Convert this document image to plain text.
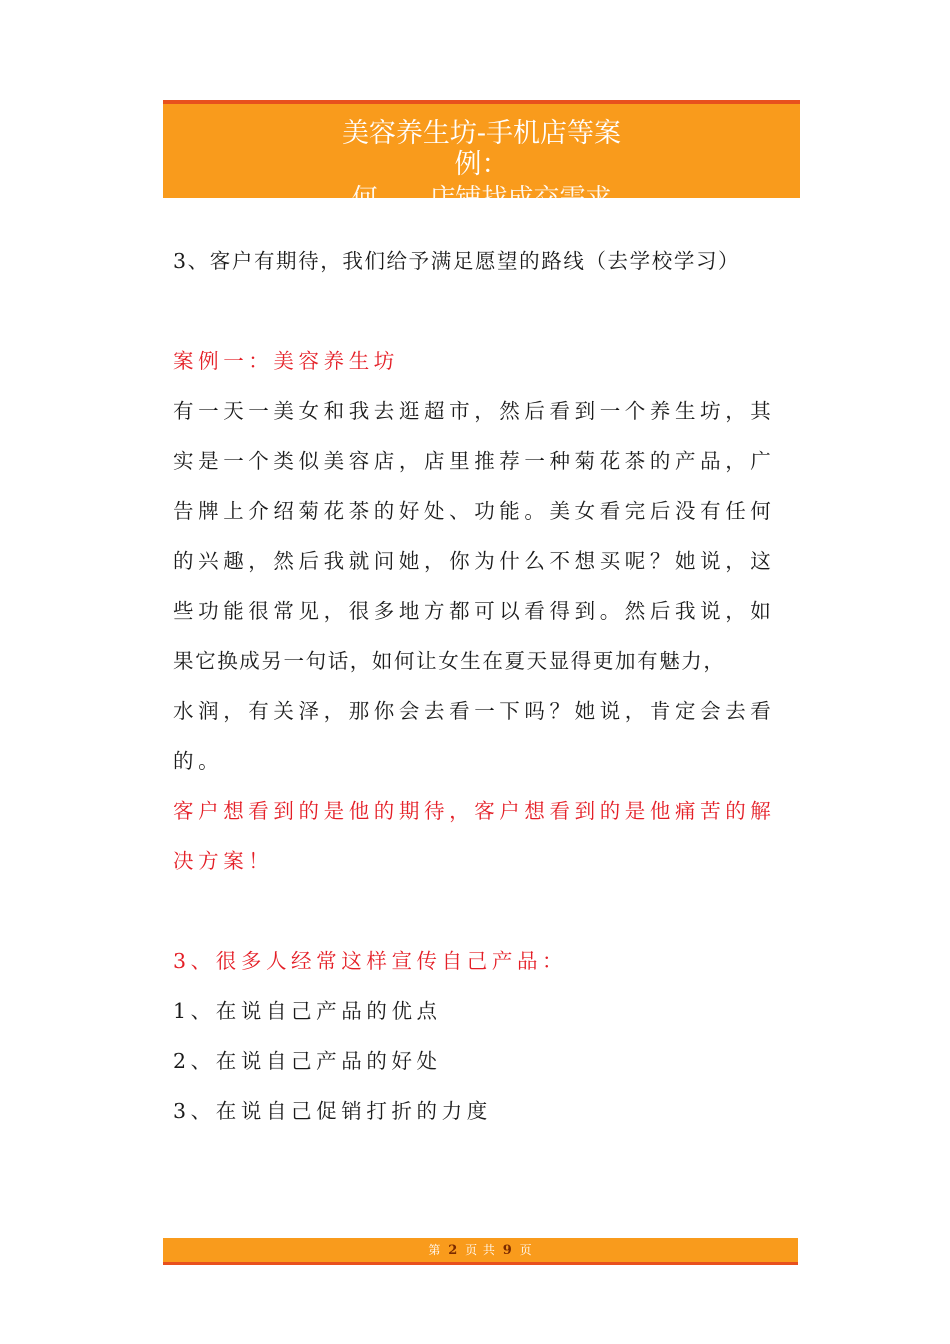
美容养生坊-手机店等案例：
何……店铺找成交需求

3、客户有期待，我们给予满足愿望的路线（去学校学习）

案例一：美容养生坊

有一天一美女和我去逛超市，然后看到一个养生坊，其

实是一个类似美容店，店里推荐一种菊花茶的产品，广

告牌上介绍菊花茶的好处、功能。美女看完后没有任何

的兴趣，然后我就问她，你为什么不想买呢？她说，这

些功能很常见，很多地方都可以看得到。然后我说，如

果它换成另一句话，如何让女生在夏天显得更加有魅力，

水润，有关泽，那你会去看一下吗？她说，肯定会去看

的。

客户想看到的是他的期待，客户想看到的是他痛苦的解

决方案！

3、很多人经常这样宣传自己产品：

1、在说自己产品的优点

2、在说自己产品的好处

3、在说自己促销打折的力度

第 2 页 共 9 页
